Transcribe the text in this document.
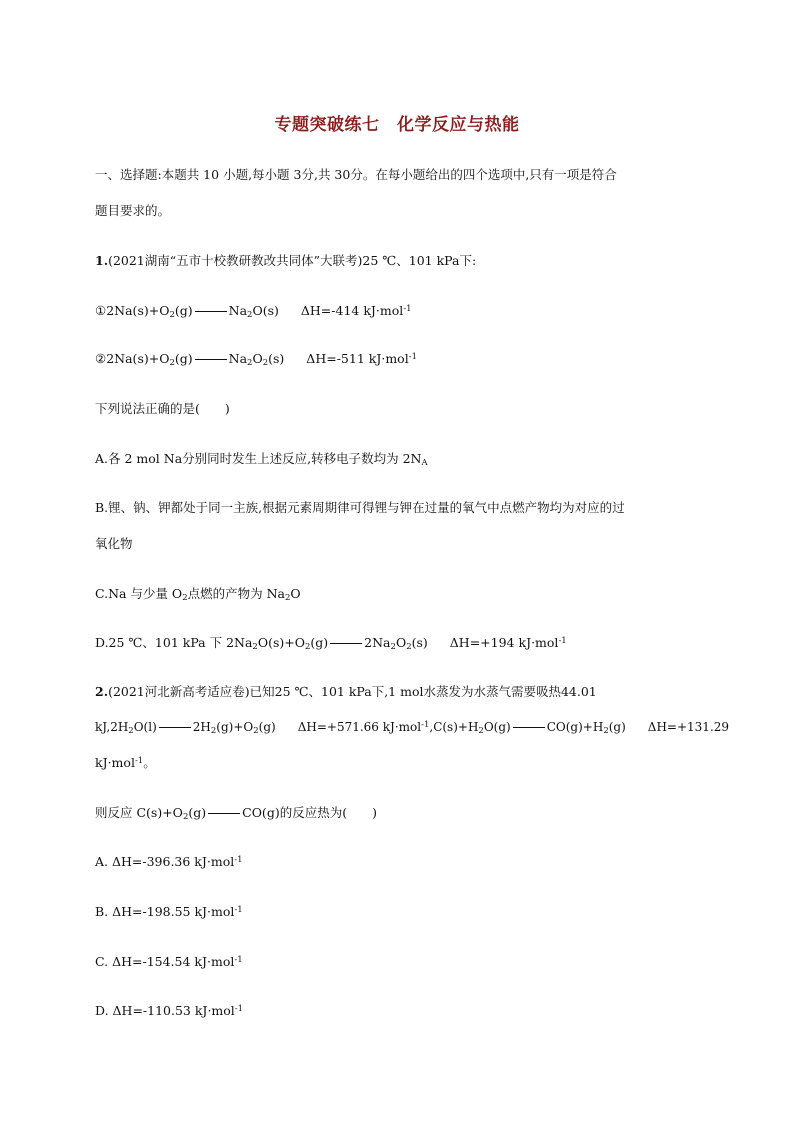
专题突破练七　化学反应与热能
一、选择题:本题共 10 小题,每小题 3分,共 30分。在每小题给出的四个选项中,只有一项是符合
题目要求的。
1.(2021湖南“五市十校教研教改共同体”大联考)25 ℃、101 kPa下:
$①2Na(s)+O_2(g)$	$Na_2O(s)$ ΔH=-414 kJ·mol$^{-1}$
$②2Na(s)+O_2(g)$	$Na_2O_2(s)$ ΔH=-511 kJ·mol$^{-1}$
下列说法正确的是(　　)
A.各 2 mol Na分别同时发生上述反应,转移电子数均为 $2N_A$
B.锂、钠、钾都处于同一主族,根据元素周期律可得锂与钾在过量的氧气中点燃产物均为对应的过
氧化物
C.Na 与少量 $O_2$点燃的产物为 $Na_2O$
D.25 ℃、101 kPa 下 $2Na_2O(s)+O_2(g)$	$2Na_2O_2(s)$ ΔH=+194 kJ·mol$^{-1}$
2.(2021河北新高考适应卷)已知25 ℃、101 kPa下,1 mol水蒸发为水蒸气需要吸热44.01
$kJ,2H_2O(l)$	$2H_2(g)+O_2(g)$ ΔH=+571.66 $kJ\cdot mol^{-1},C(s)+H_2O(g)$	$CO(g)+H_2(g)$ ΔH=+131.29
kJ·mol$^{-1}$。
则反应 $C(s)+O_2(g)$	CO(g)的反应热为(　　)
A. ΔH=-396.36 kJ·mol$^{-1}$
B. ΔH=-198.55 kJ·mol$^{-1}$
C. ΔH=-154.54 kJ·mol$^{-1}$
D. ΔH=-110.53 kJ·mol$^{-1}$
